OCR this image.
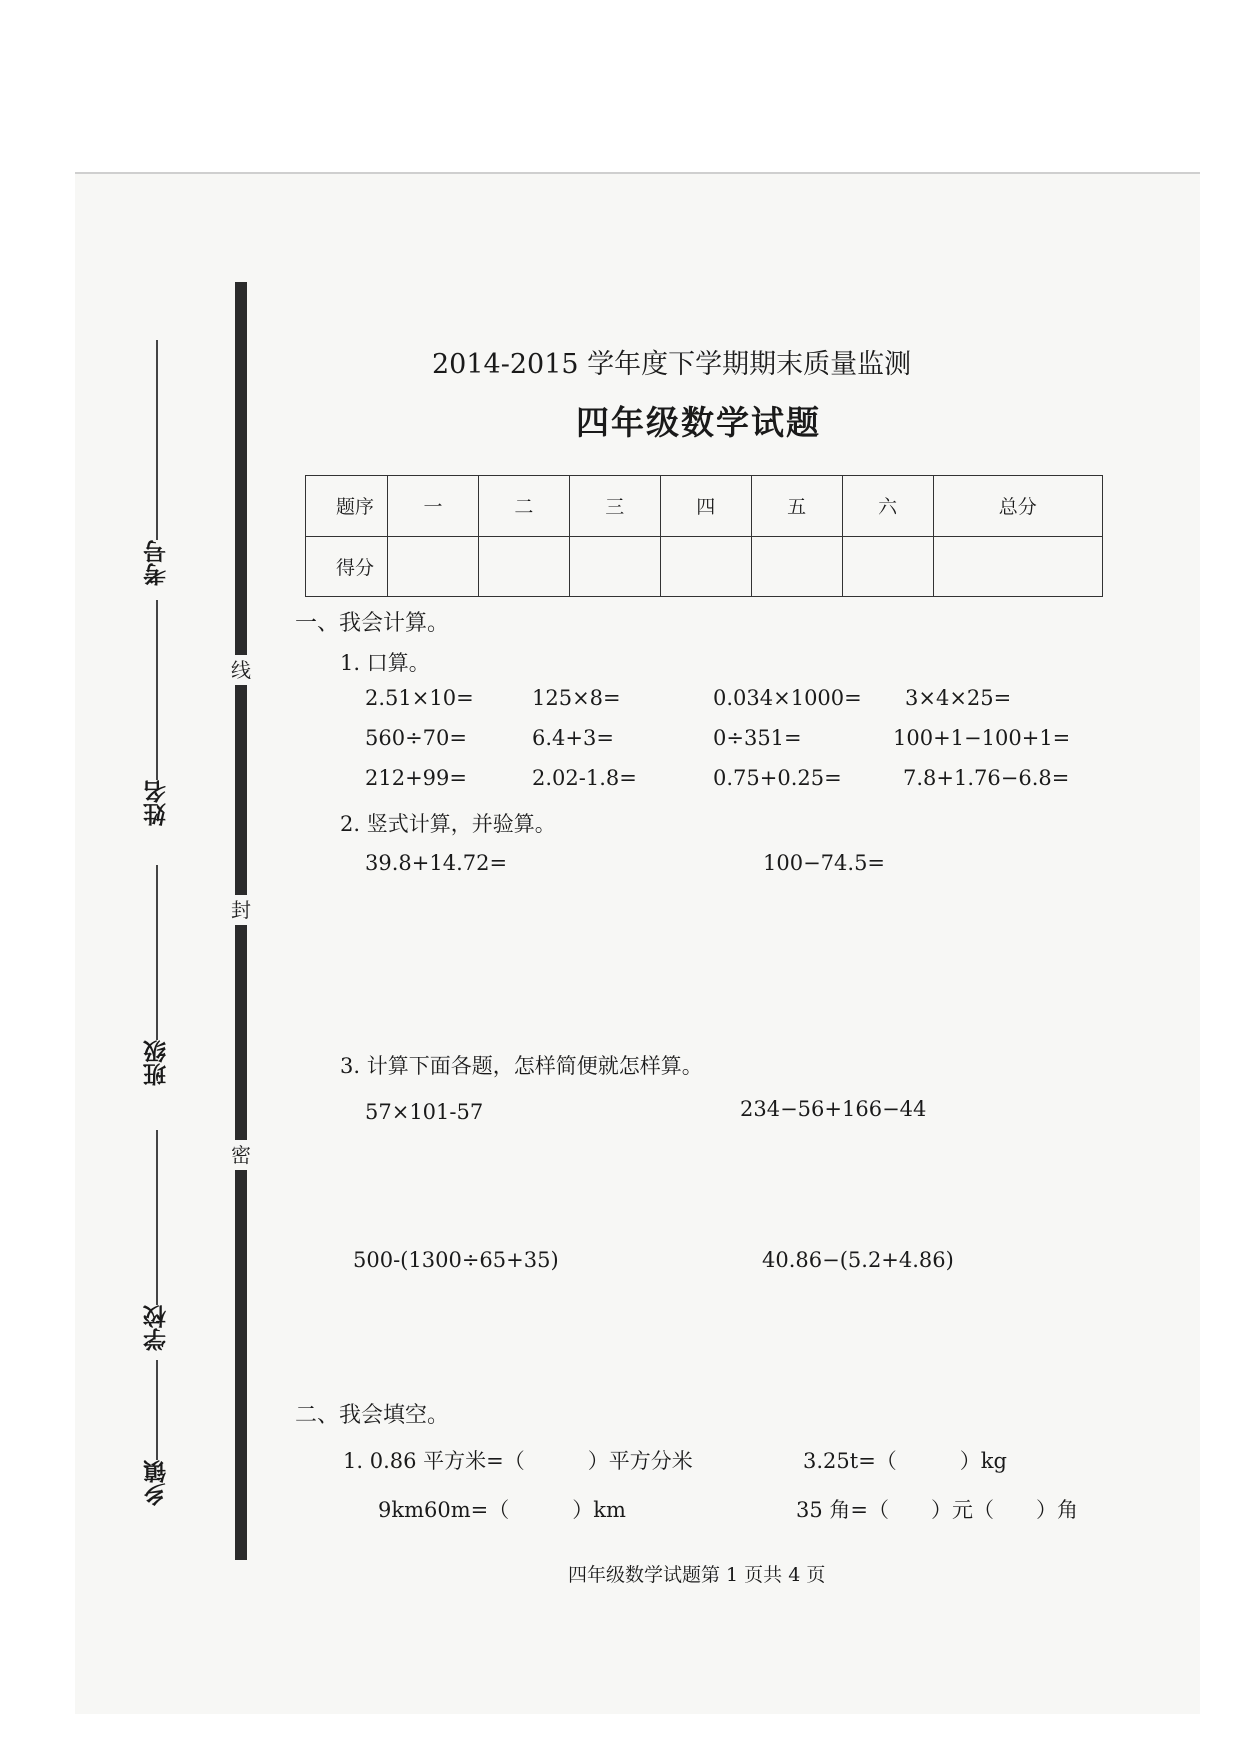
线
封
密
考号
姓名
班级
学校
乡镇
2014-2015 学年度下学期期末质量监测
四年级数学试题
题序	一	二	三	四	五	六	总分
得分							
一、我会计算。
1. 口算。
2.51×10=	125×8=	0.034×1000= 3×4×25=
560÷70=	6.4+3=	0÷351=	100+1−100+1=
212+99=	2.02-1.8=	0.75+0.25=	7.8+1.76−6.8=
2. 竖式计算，并验算。
39.8+14.72=	100−74.5=
3. 计算下面各题，怎样简便就怎样算。
57×101-57	234−56+166−44
500-(1300÷65+35)	40.86−(5.2+4.86)
二、我会填空。
1. 0.86 平方米=（　　　）平方分米	3.25t=（　　　）kg
9km60m=（　　　）km	35 角=（　　）元（　　）角
四年级数学试题第 1 页共 4 页
